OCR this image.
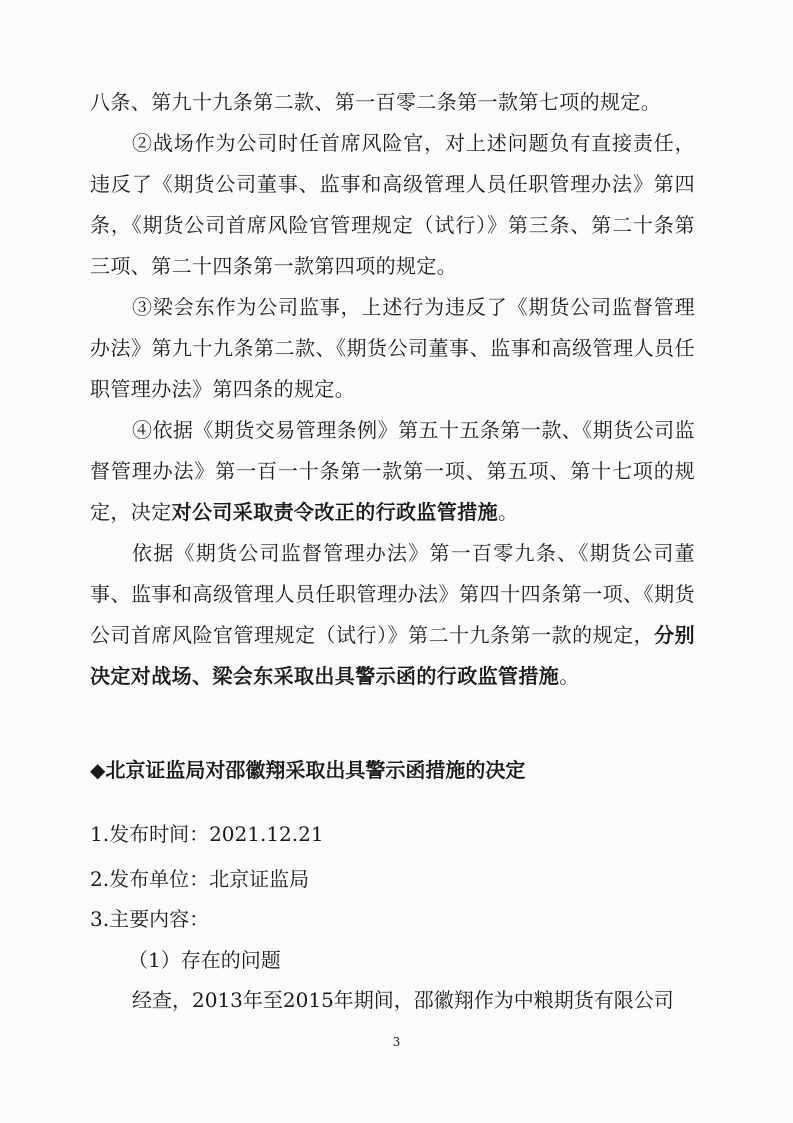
八条、第九十九条第二款、第一百零二条第一款第七项的规定。
②战场作为公司时任首席风险官，对上述问题负有直接责任，违反了《期货公司董事、监事和高级管理人员任职管理办法》第四条，《期货公司首席风险官管理规定（试行）》第三条、第二十条第三项、第二十四条第一款第四项的规定。
③梁会东作为公司监事，上述行为违反了《期货公司监督管理办法》第九十九条第二款、《期货公司董事、监事和高级管理人员任职管理办法》第四条的规定。
④依据《期货交易管理条例》第五十五条第一款、《期货公司监督管理办法》第一百一十条第一款第一项、第五项、第十七项的规定，决定对公司采取责令改正的行政监管措施。
依据《期货公司监督管理办法》第一百零九条、《期货公司董事、监事和高级管理人员任职管理办法》第四十四条第一项、《期货公司首席风险官管理规定（试行）》第二十九条第一款的规定，分别决定对战场、梁会东采取出具警示函的行政监管措施。
◆北京证监局对邵徽翔采取出具警示函措施的决定
1.发布时间：2021.12.21
2.发布单位：北京证监局
3.主要内容：
（1）存在的问题
经查，2013年至2015年期间，邵徽翔作为中粮期货有限公司
3
